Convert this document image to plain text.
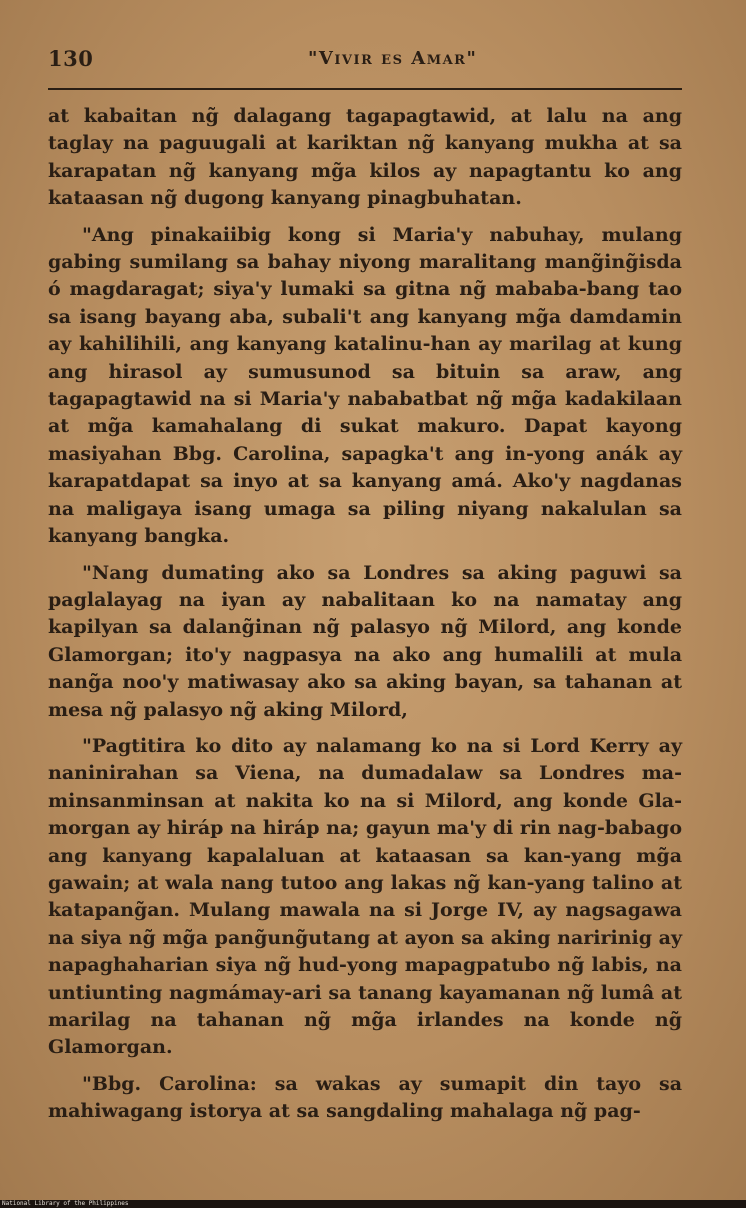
130	"Vivir es Amar"

at kabaitan ng̃ dalagang tagapagtawid, at lalu na ang taglay na paguugali at kariktan ng̃ kanyang mukha at sa karapatan ng̃ kanyang mg̃a kilos ay napagtantu ko ang kataasan ng̃ dugong kanyang pinagbuhatan.

"Ang pinakaiibig kong si Maria'y nabuhay, mulang gabing sumilang sa bahay niyong maralitang mang̃ing̃isda ó magdaragat; siya'y lumaki sa gitna ng̃ mababa-bang tao sa isang bayang aba, subali't ang kanyang mg̃a damdamin ay kahilihili, ang kanyang katalinu-han ay marilag at kung ang hirasol ay sumusunod sa bituin sa araw, ang tagapagtawid na si Maria'y nababatbat ng̃ mg̃a kadakilaan at mg̃a kamahalang di sukat makuro. Dapat kayong masiyahan Bbg. Carolina, sapagka't ang in-yong anák ay karapatdapat sa inyo at sa kanyang amá. Ako'y nagdanas na maligaya isang umaga sa piling niyang nakalulan sa kanyang bangka.

"Nang dumating ako sa Londres sa aking paguwi sa paglalayag na iyan ay nabalitaan ko na namatay ang kapilyan sa dalang̃inan ng̃ palasyo ng̃ Milord, ang konde Glamorgan; ito'y nagpasya na ako ang humalili at mula nang̃a noo'y matiwasay ako sa aking bayan, sa tahanan at mesa ng̃ palasyo ng̃ aking Milord,

"Pagtitira ko dito ay nalamang ko na si Lord Kerry ay naninirahan sa Viena, na dumadalaw sa Londres ma-minsanminsan at nakita ko na si Milord, ang konde Gla-morgan ay hiráp na hiráp na; gayun ma'y di rin nag-babago ang kanyang kapalaluan at kataasan sa kan-yang mg̃a gawain; at wala nang tutoo ang lakas ng̃ kan-yang talino at katapang̃an. Mulang mawala na si Jorge IV, ay nagsagawa na siya ng̃ mg̃a pang̃ung̃utang at ayon sa aking naririnig ay napaghaharian siya ng̃ hud-yong mapagpatubo ng̃ labis, na untiunting nagmámay-ari sa tanang kayamanan ng̃ lumâ at marilag na tahanan ng̃ mg̃a irlandes na konde ng̃ Glamorgan.

"Bbg. Carolina: sa wakas ay sumapit din tayo sa mahiwagang istorya at sa sangdaling mahalaga ng̃ pag-

National Library of the Philippines
